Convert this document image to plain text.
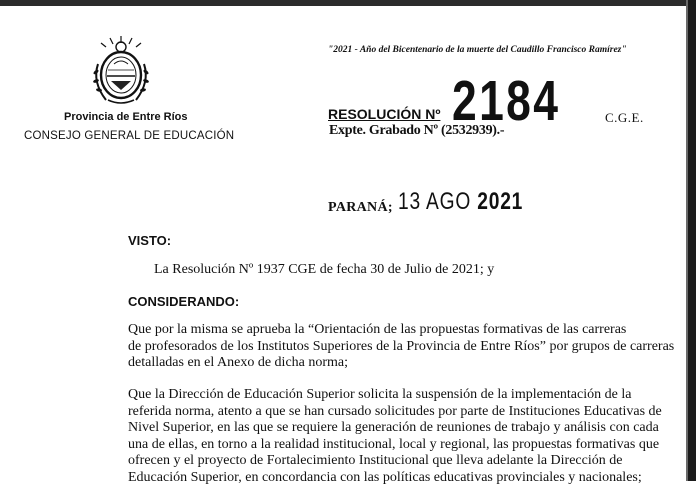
Provincia de Entre Ríos
CONSEJO GENERAL DE EDUCACIÓN
"2021 - Año del Bicentenario de la muerte del Caudillo Francisco Ramírez"
RESOLUCIÓN Nº 2184	C.G.E.
Expte. Grabado Nº (2532939).-
PARANÁ; 13 AGO 2021
VISTO:
La Resolución Nº 1937 CGE de fecha 30 de Julio de 2021; y
CONSIDERANDO:
Que por la misma se aprueba la “Orientación de las propuestas formativas de las carreras
de profesorados de los Institutos Superiores de la Provincia de Entre Ríos” por grupos de carreras
detalladas en el Anexo de dicha norma;
Que la Dirección de Educación Superior solicita la suspensión de la implementación de la
referida norma, atento a que se han cursado solicitudes por parte de Instituciones Educativas de
Nivel Superior, en las que se requiere la generación de reuniones de trabajo y análisis con cada
una de ellas, en torno a la realidad institucional, local y regional, las propuestas formativas que
ofrecen y el proyecto de Fortalecimiento Institucional que lleva adelante la Dirección de
Educación Superior, en concordancia con las políticas educativas provinciales y nacionales;
